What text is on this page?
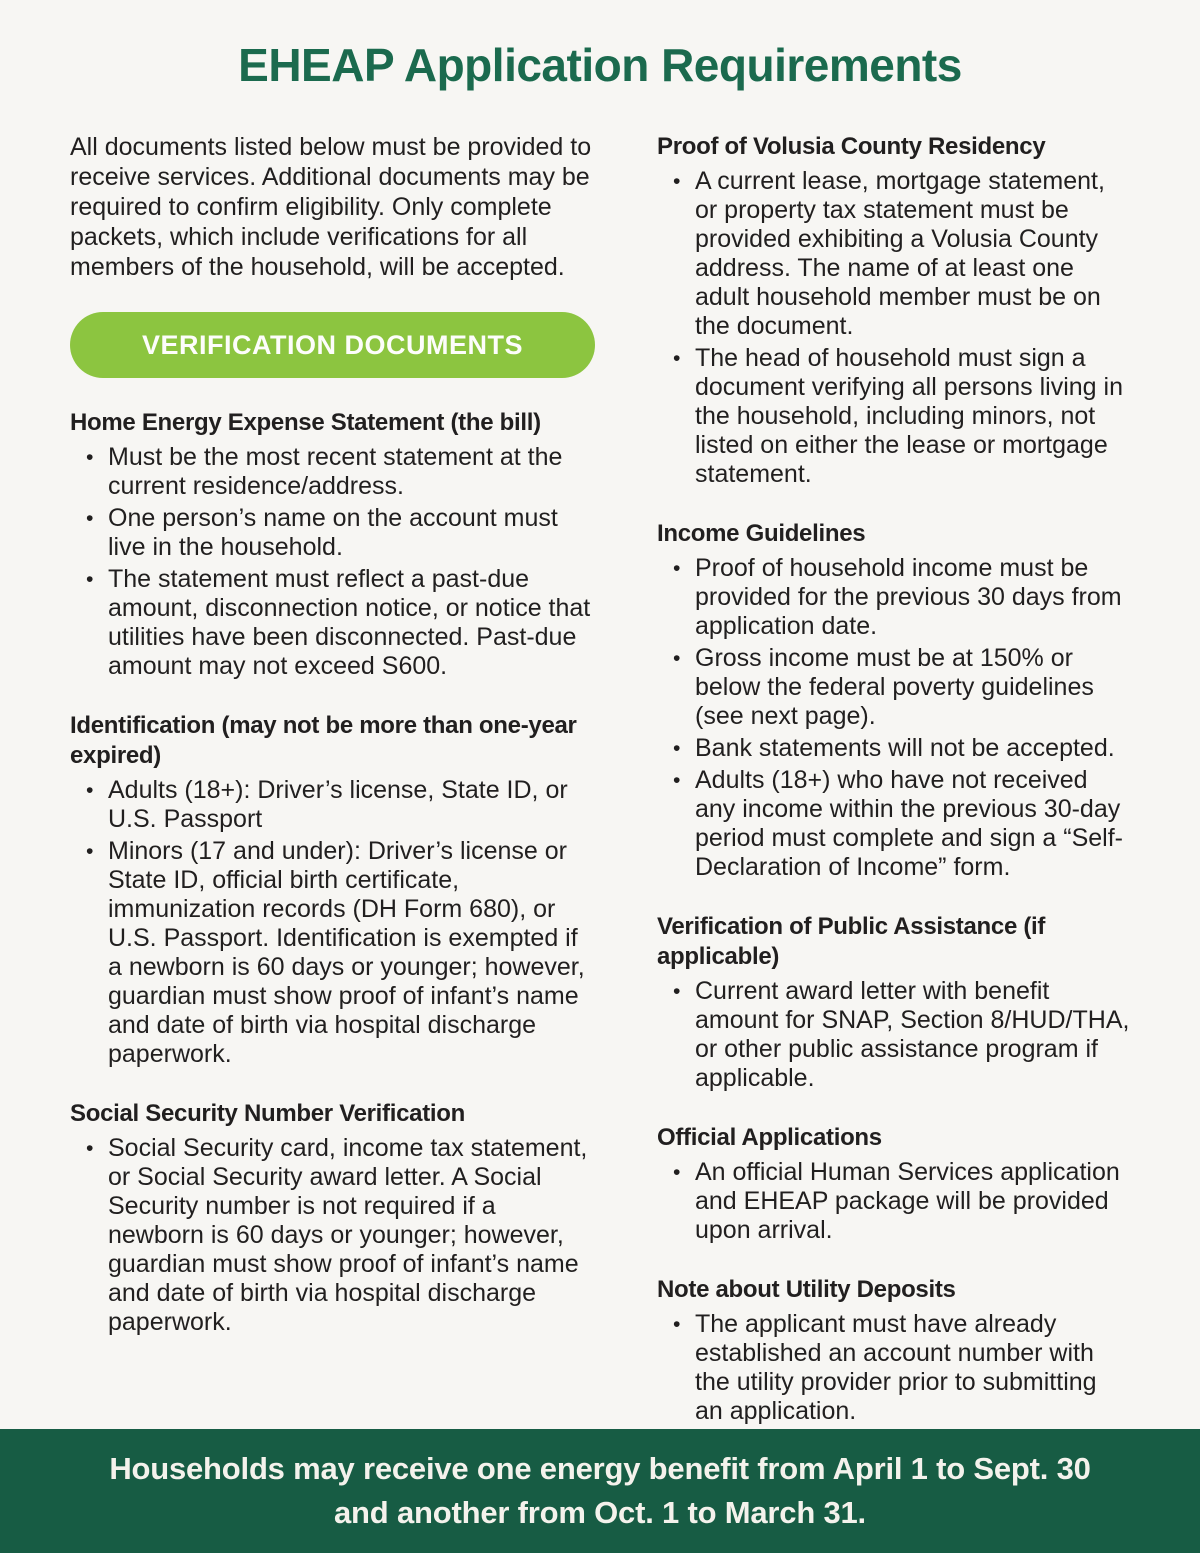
EHEAP Application Requirements

All documents listed below must be provided to receive services. Additional documents may be required to confirm eligibility. Only complete packets, which include verifications for all members of the household, will be accepted.

VERIFICATION DOCUMENTS
Home Energy Expense Statement (the bill)
• Must be the most recent statement at the current residence/address.
• One person’s name on the account must live in the household.
• The statement must reflect a past-due amount, disconnection notice, or notice that utilities have been disconnected. Past-due amount may not exceed S600.
Identification (may not be more than one-year expired)
• Adults (18+): Driver’s license, State ID, or U.S. Passport
• Minors (17 and under): Driver’s license or State ID, official birth certificate, immunization records (DH Form 680), or U.S. Passport. Identification is exempted if a newborn is 60 days or younger; however, guardian must show proof of infant’s name and date of birth via hospital discharge paperwork.
Social Security Number Verification
• Social Security card, income tax statement, or Social Security award letter. A Social Security number is not required if a newborn is 60 days or younger; however, guardian must show proof of infant’s name and date of birth via hospital discharge paperwork.
Proof of Volusia County Residency
• A current lease, mortgage statement, or property tax statement must be provided exhibiting a Volusia County address. The name of at least one adult household member must be on the document.
• The head of household must sign a document verifying all persons living in the household, including minors, not listed on either the lease or mortgage statement.
Income Guidelines
• Proof of household income must be provided for the previous 30 days from application date.
• Gross income must be at 150% or below the federal poverty guidelines (see next page).
• Bank statements will not be accepted.
• Adults (18+) who have not received any income within the previous 30-day period must complete and sign a “Self-Declaration of Income” form.
Verification of Public Assistance (if applicable)
• Current award letter with benefit amount for SNAP, Section 8/HUD/THA, or other public assistance program if applicable.
Official Applications
• An official Human Services application and EHEAP package will be provided upon arrival.
Note about Utility Deposits
• The applicant must have already established an account number with the utility provider prior to submitting an application.
Households may receive one energy benefit from April 1 to Sept. 30
and another from Oct. 1 to March 31.
